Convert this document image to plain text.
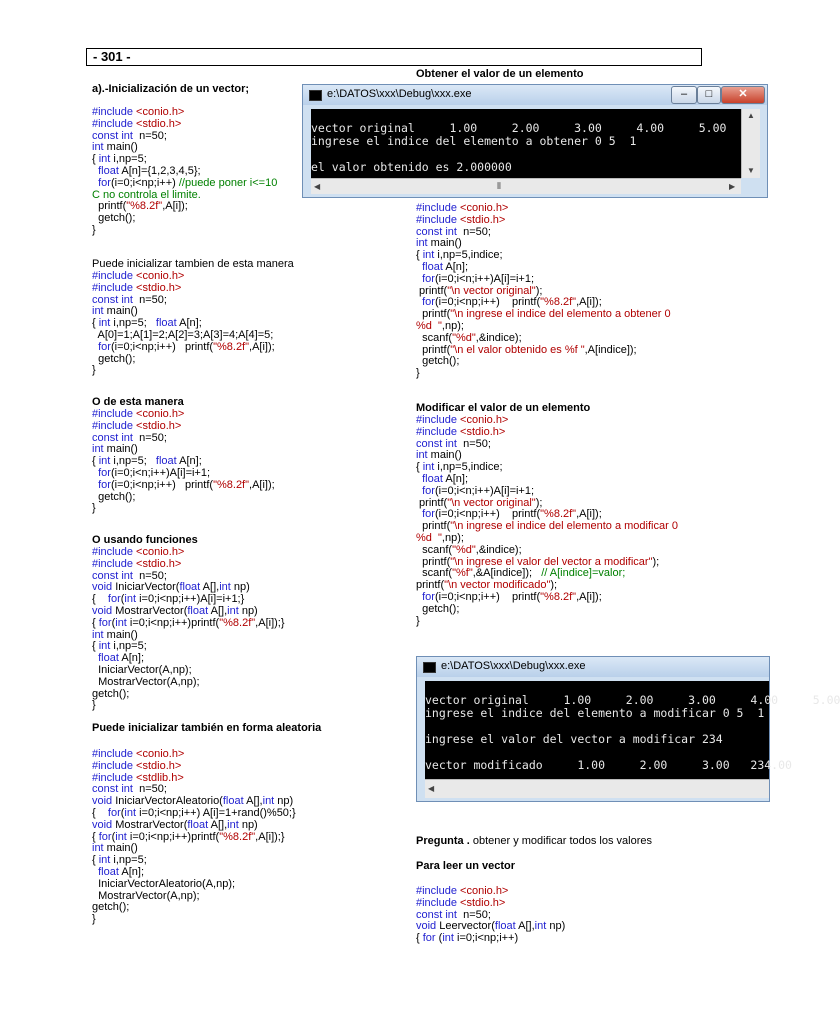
- 301 -
a).-Inicialización de un vector;
#include <conio.h>
#include <stdio.h>
const int  n=50;
int main()
{ int i,np=5;
float A[n]={1,2,3,4,5};
for(i=0;i<np;i++) //puede poner i<=10
C no controla el limite.
printf("%8.2f",A[i]);
getch();
}
Puede inicializar tambien de esta manera
#include <conio.h>
#include <stdio.h>
const int  n=50;
int main()
{ int i,np=5;   float A[n];
A[0]=1;A[1]=2;A[2]=3;A[3]=4;A[4]=5;
for(i=0;i<np;i++)   printf("%8.2f",A[i]);
getch();
}
O de esta manera
#include <conio.h>
#include <stdio.h>
const int  n=50;
int main()
{ int i,np=5;   float A[n];
for(i=0;i<n;i++)A[i]=i+1;
for(i=0;i<np;i++)   printf("%8.2f",A[i]);
getch();
}
O usando funciones
#include <conio.h>
#include <stdio.h>
const int  n=50;
void IniciarVector(float A[],int np)
{    for(int i=0;i<np;i++)A[i]=i+1;}
void MostrarVector(float A[],int np)
{ for(int i=0;i<np;i++)printf("%8.2f",A[i]);}
int main()
{ int i,np=5;
float A[n];
IniciarVector(A,np);
MostrarVector(A,np);
getch();
}
Puede inicializar también en forma aleatoria
#include <conio.h>
#include <stdio.h>
#include <stdlib.h>
const int  n=50;
void IniciarVectorAleatorio(float A[],int np)
{    for(int i=0;i<np;i++) A[i]=1+rand()%50;}
void MostrarVector(float A[],int np)
{ for(int i=0;i<np;i++)printf("%8.2f",A[i]);}
int main()
{ int i,np=5;
float A[n];
IniciarVectorAleatorio(A,np);
MostrarVector(A,np);
getch();
}
Obtener el valor de un elemento
e:\DATOS\xxx\Debug\xxx.exe	–	□	✕

vector original     1.00     2.00     3.00     4.00     5.00
ingrese el indice del elemento a obtener 0 5  1

el valor obtenido es 2.000000
▲
▼
◀	⦀	▶
#include <conio.h>
#include <stdio.h>
const int  n=50;
int main()
{ int i,np=5,indice;
float A[n];
for(i=0;i<n;i++)A[i]=i+1;
printf("\n vector original");
for(i=0;i<np;i++)    printf("%8.2f",A[i]);
printf("\n ingrese el indice del elemento a obtener 0
%d  ",np);
scanf("%d",&indice);
printf("\n el valor obtenido es %f ",A[indice]);
getch();
}
Modificar el valor de un elemento
#include <conio.h>
#include <stdio.h>
const int  n=50;
int main()
{ int i,np=5,indice;
float A[n];
for(i=0;i<n;i++)A[i]=i+1;
printf("\n vector original");
for(i=0;i<np;i++)    printf("%8.2f",A[i]);
printf("\n ingrese el indice del elemento a modificar 0
%d  ",np);
scanf("%d",&indice);
printf("\n ingrese el valor del vector a modificar");
scanf("%f",&A[indice]);   // A[indice]=valor;
printf("\n vector modificado");
for(i=0;i<np;i++)    printf("%8.2f",A[i]);
getch();
}
e:\DATOS\xxx\Debug\xxx.exe

vector original     1.00     2.00     3.00     4.00     5.00
ingrese el indice del elemento a modificar 0 5  1

ingrese el valor del vector a modificar 234

vector modificado     1.00     2.00     3.00   234.00
◀
Pregunta . obtener y modificar todos los valores
Para leer un vector
#include <conio.h>
#include <stdio.h>
const int  n=50;
void Leervector(float A[],int np)
{ for (int i=0;i<np;i++)
